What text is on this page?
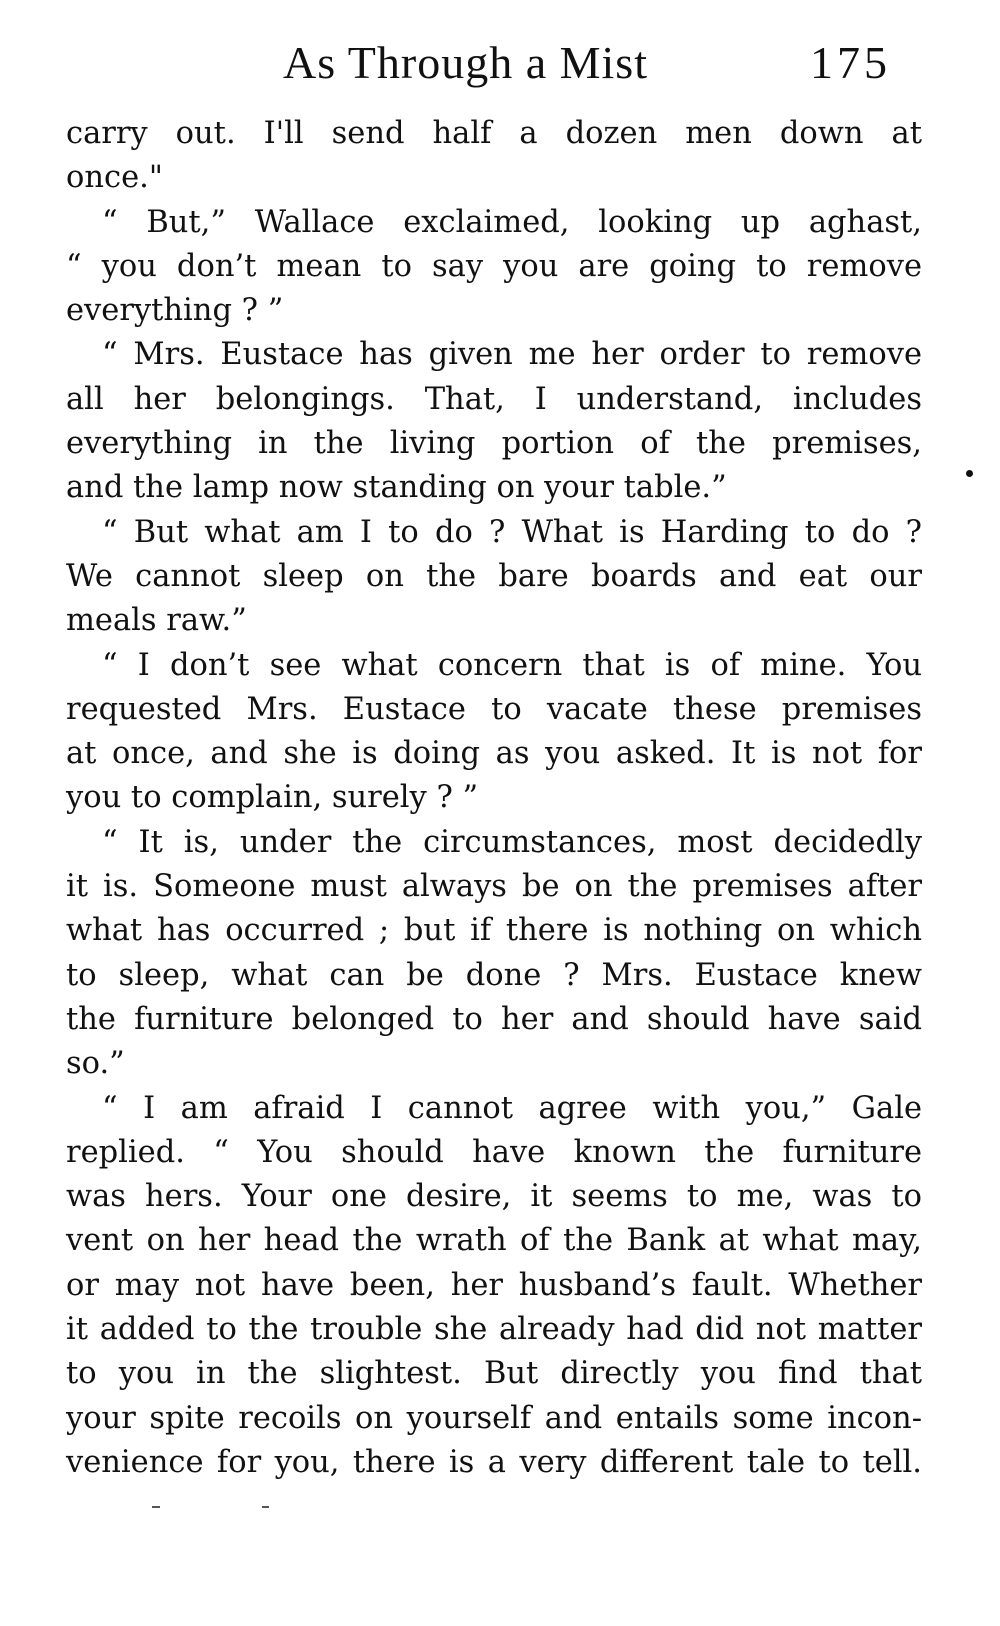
As Through a Mist	175
carry out. I'll send half a dozen men down at
once."
“ But,” Wallace exclaimed, looking up aghast,
“ you don’t mean to say you are going to remove
everything ? ”
“ Mrs. Eustace has given me her order to remove
all her belongings. That, I understand, includes
everything in the living portion of the premises,
and the lamp now standing on your table.”
“ But what am I to do ? What is Harding to do ?
We cannot sleep on the bare boards and eat our
meals raw.”
“ I don’t see what concern that is of mine. You
requested Mrs. Eustace to vacate these premises
at once, and she is doing as you asked. It is not for
you to complain, surely ? ”
“ It is, under the circumstances, most decidedly
it is. Someone must always be on the premises after
what has occurred ; but if there is nothing on which
to sleep, what can be done ? Mrs. Eustace knew
the furniture belonged to her and should have said
so.”
“ I am afraid I cannot agree with you,” Gale
replied. “ You should have known the furniture
was hers. Your one desire, it seems to me, was to
vent on her head the wrath of the Bank at what may,
or may not have been, her husband’s fault. Whether
it added to the trouble she already had did not matter
to you in the slightest. But directly you find that
your spite recoils on yourself and entails some incon-
venience for you, there is a very different tale to tell.
